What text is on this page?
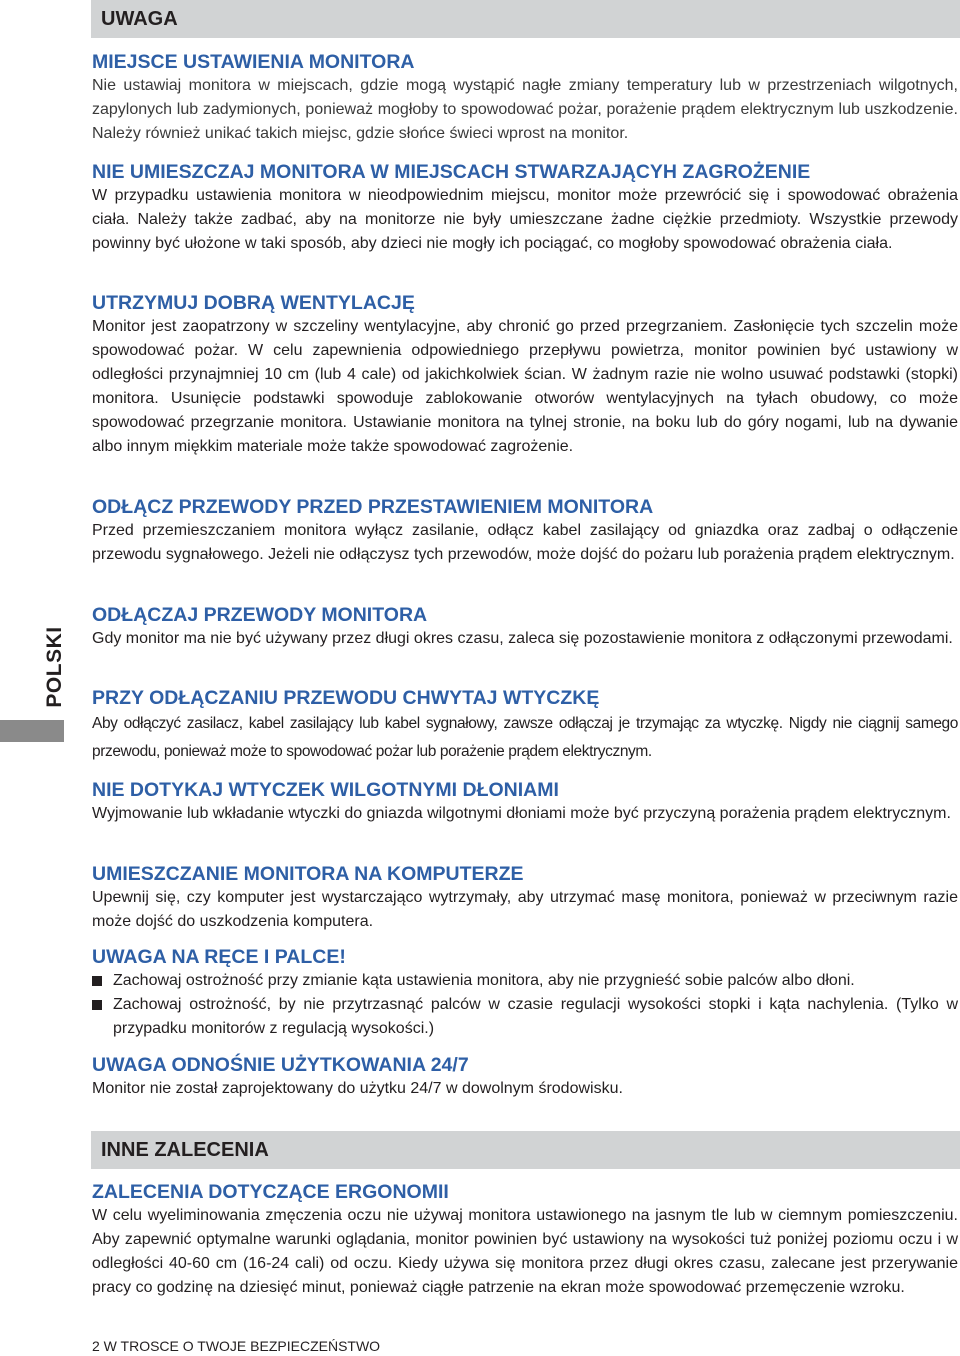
POLSKI
UWAGA
MIEJSCE USTAWIENIA MONITORA

Nie ustawiaj monitora w miejscach, gdzie mogą wystąpić nagłe zmiany temperatury lub w przestrzeniach wilgotnych, zapylonych lub zadymionych, ponieważ mogłoby to spowodować pożar, porażenie prądem elektrycznym lub uszkodzenie. Należy również unikać takich miejsc, gdzie słońce świeci wprost na monitor.

NIE UMIESZCZAJ MONITORA W MIEJSCACH STWARZAJĄCYH ZAGROŻENIE

W przypadku ustawienia monitora w nieodpowiednim miejscu, monitor może przewrócić się i spowodować obrażenia ciała. Należy także zadbać, aby na monitorze nie były umieszczane żadne ciężkie przedmioty. Wszystkie przewody powinny być ułożone w taki sposób, aby dzieci nie mogły ich pociągać, co mogłoby spowodować obrażenia ciała.

UTRZYMUJ DOBRĄ WENTYLACJĘ

Monitor jest zaopatrzony w szczeliny wentylacyjne, aby chronić go przed przegrzaniem. Zasłonięcie tych szczelin może spowodować pożar. W celu zapewnienia odpowiedniego przepływu powietrza, monitor powinien być ustawiony w odległości przynajmniej 10 cm (lub 4 cale) od jakichkolwiek ścian. W żadnym razie nie wolno usuwać podstawki (stopki) monitora. Usunięcie podstawki spowoduje zablokowanie otworów wentylacyjnych na tyłach obudowy, co może spowodować przegrzanie monitora. Ustawianie monitora na tylnej stronie, na boku lub do góry nogami, lub na dywanie albo innym miękkim materiale może także spowodować zagrożenie.

ODŁĄCZ PRZEWODY PRZED PRZESTAWIENIEM MONITORA

Przed przemieszczaniem monitora wyłącz zasilanie, odłącz kabel zasilający od gniazdka oraz zadbaj o odłączenie przewodu sygnałowego. Jeżeli nie odłączysz tych przewodów, może dojść do pożaru lub porażenia prądem elektrycznym.

ODŁĄCZAJ PRZEWODY MONITORA

Gdy monitor ma nie być używany przez długi okres czasu, zaleca się pozostawienie monitora z odłączonymi przewodami.

PRZY ODŁĄCZANIU PRZEWODU CHWYTAJ WTYCZKĘ

Aby odłączyć zasilacz, kabel zasilający lub kabel sygnałowy, zawsze odłączaj je trzymając za wtyczkę. Nigdy nie ciągnij samego przewodu, ponieważ może to spowodować pożar lub porażenie prądem elektrycznym.

NIE DOTYKAJ WTYCZEK WILGOTNYMI DŁONIAMI

Wyjmowanie lub wkładanie wtyczki do gniazda wilgotnymi dłoniami może być przyczyną porażenia prądem elektrycznym.

UMIESZCZANIE MONITORA NA KOMPUTERZE

Upewnij się, czy komputer jest wystarczająco wytrzymały, aby utrzymać masę monitora, ponieważ w przeciwnym razie może dojść do uszkodzenia komputera.

UWAGA NA RĘCE I PALCE!
Zachowaj ostrożność przy zmianie kąta ustawienia monitora, aby nie przygnieść sobie palców albo dłoni.
Zachowaj ostrożność, by nie przytrzasnąć palców w czasie regulacji wysokości stopki i kąta nachylenia. (Tylko w przypadku monitorów z regulacją wysokości.)
UWAGA ODNOŚNIE UŻYTKOWANIA 24/7

Monitor nie został zaprojektowany do użytku 24/7 w dowolnym środowisku.

INNE ZALECENIA
ZALECENIA DOTYCZĄCE ERGONOMII

W celu wyeliminowania zmęczenia oczu nie używaj monitora ustawionego na jasnym tle lub w ciemnym pomieszczeniu. Aby zapewnić optymalne warunki oglądania, monitor powinien być ustawiony na wysokości tuż poniżej poziomu oczu i w odległości 40-60 cm (16-24 cali) od oczu. Kiedy używa się monitora przez długi okres czasu, zalecane jest przerywanie pracy co godzinę na dziesięć minut, ponieważ ciągłe patrzenie na ekran może spowodować przemęczenie wzroku.

2 W TROSCE O TWOJE BEZPIECZEŃSTWO
